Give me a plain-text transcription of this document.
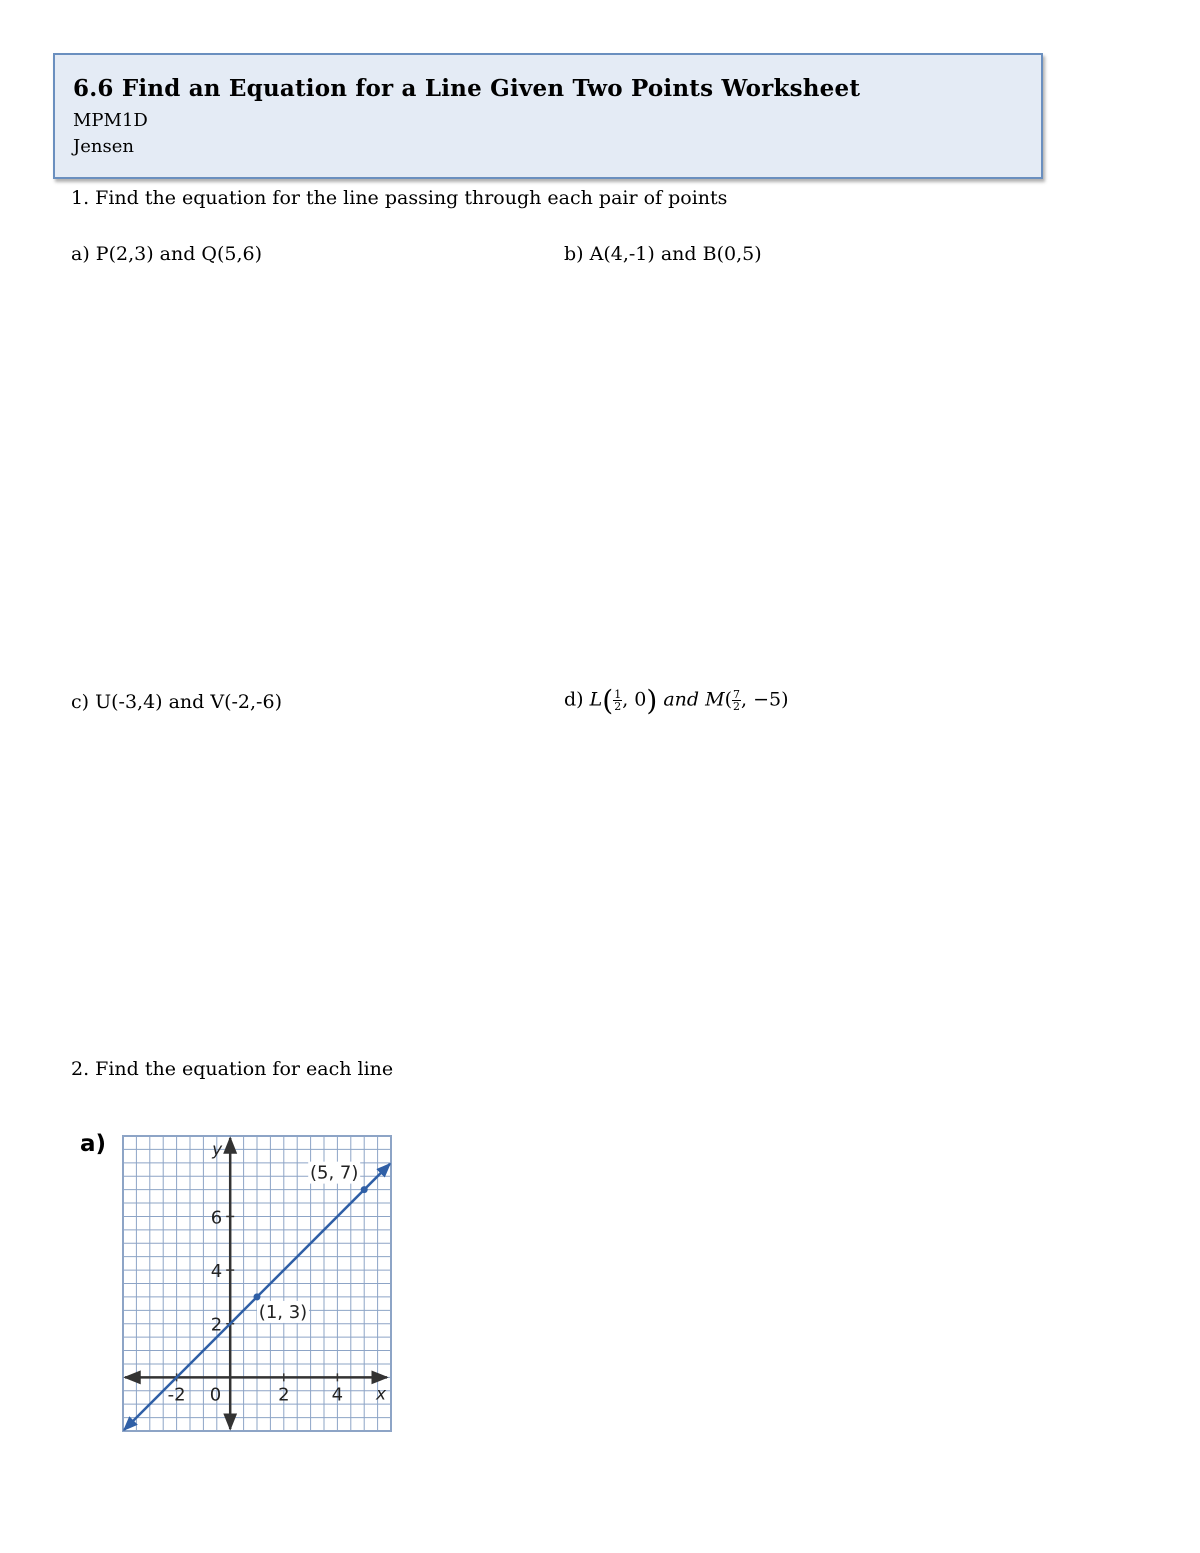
6.6 Find an Equation for a Line Given Two Points Worksheet
MPM1D
Jensen
1. Find the equation for the line passing through each pair of points
a) P(2,3) and Q(5,6)	b) A(4,-1) and B(0,5)
c) U(-3,4) and V(-2,-6)	d) $L( \frac{1}{2}$ , 0) and $M( \frac{7}{2}$ , −5)
2. Find the equation for each line
a)
-2	2 4
2
4
6
0	x
y
(1, 3)
(5, 7)
